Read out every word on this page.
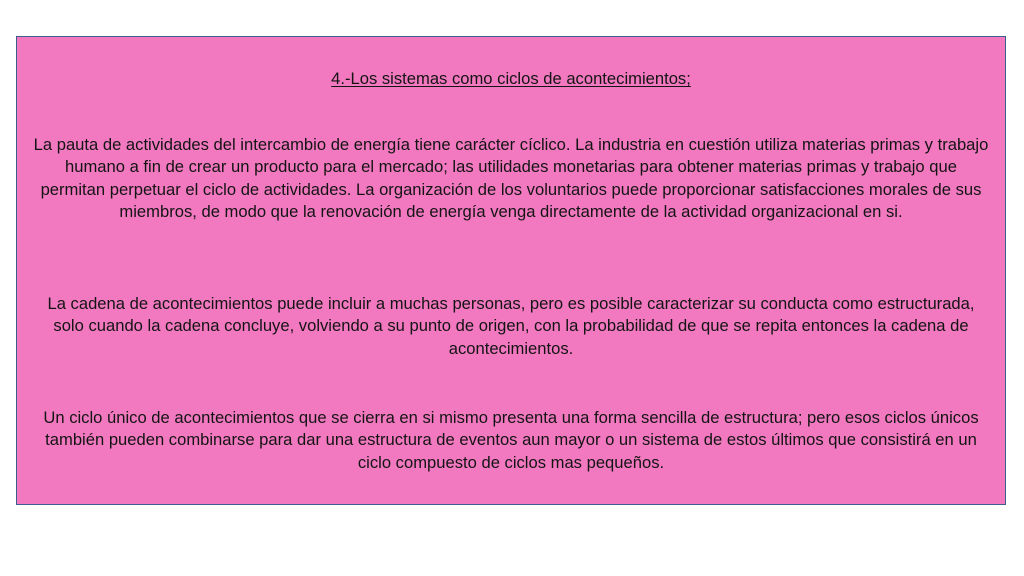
4.-Los sistemas como ciclos de acontecimientos;

La pauta de actividades del intercambio de energía tiene carácter cíclico. La industria en cuestión utiliza materias primas y trabajo humano a fin de crear un producto para el mercado; las utilidades monetarias para obtener materias primas y trabajo que permitan perpetuar el ciclo de actividades. La organización de los voluntarios puede proporcionar satisfacciones morales de sus miembros, de modo que la renovación de energía venga directamente de la actividad organizacional en si.

La cadena de acontecimientos puede incluir a muchas personas, pero es posible caracterizar su conducta como estructurada, solo cuando la cadena concluye, volviendo a su punto de origen, con la probabilidad de que se repita entonces la cadena de acontecimientos.

Un ciclo único de acontecimientos que se cierra en si mismo presenta una forma sencilla de estructura; pero esos ciclos únicos también pueden combinarse para dar una estructura de eventos aun mayor o un sistema de estos últimos que consistirá en un ciclo compuesto de ciclos mas pequeños.
